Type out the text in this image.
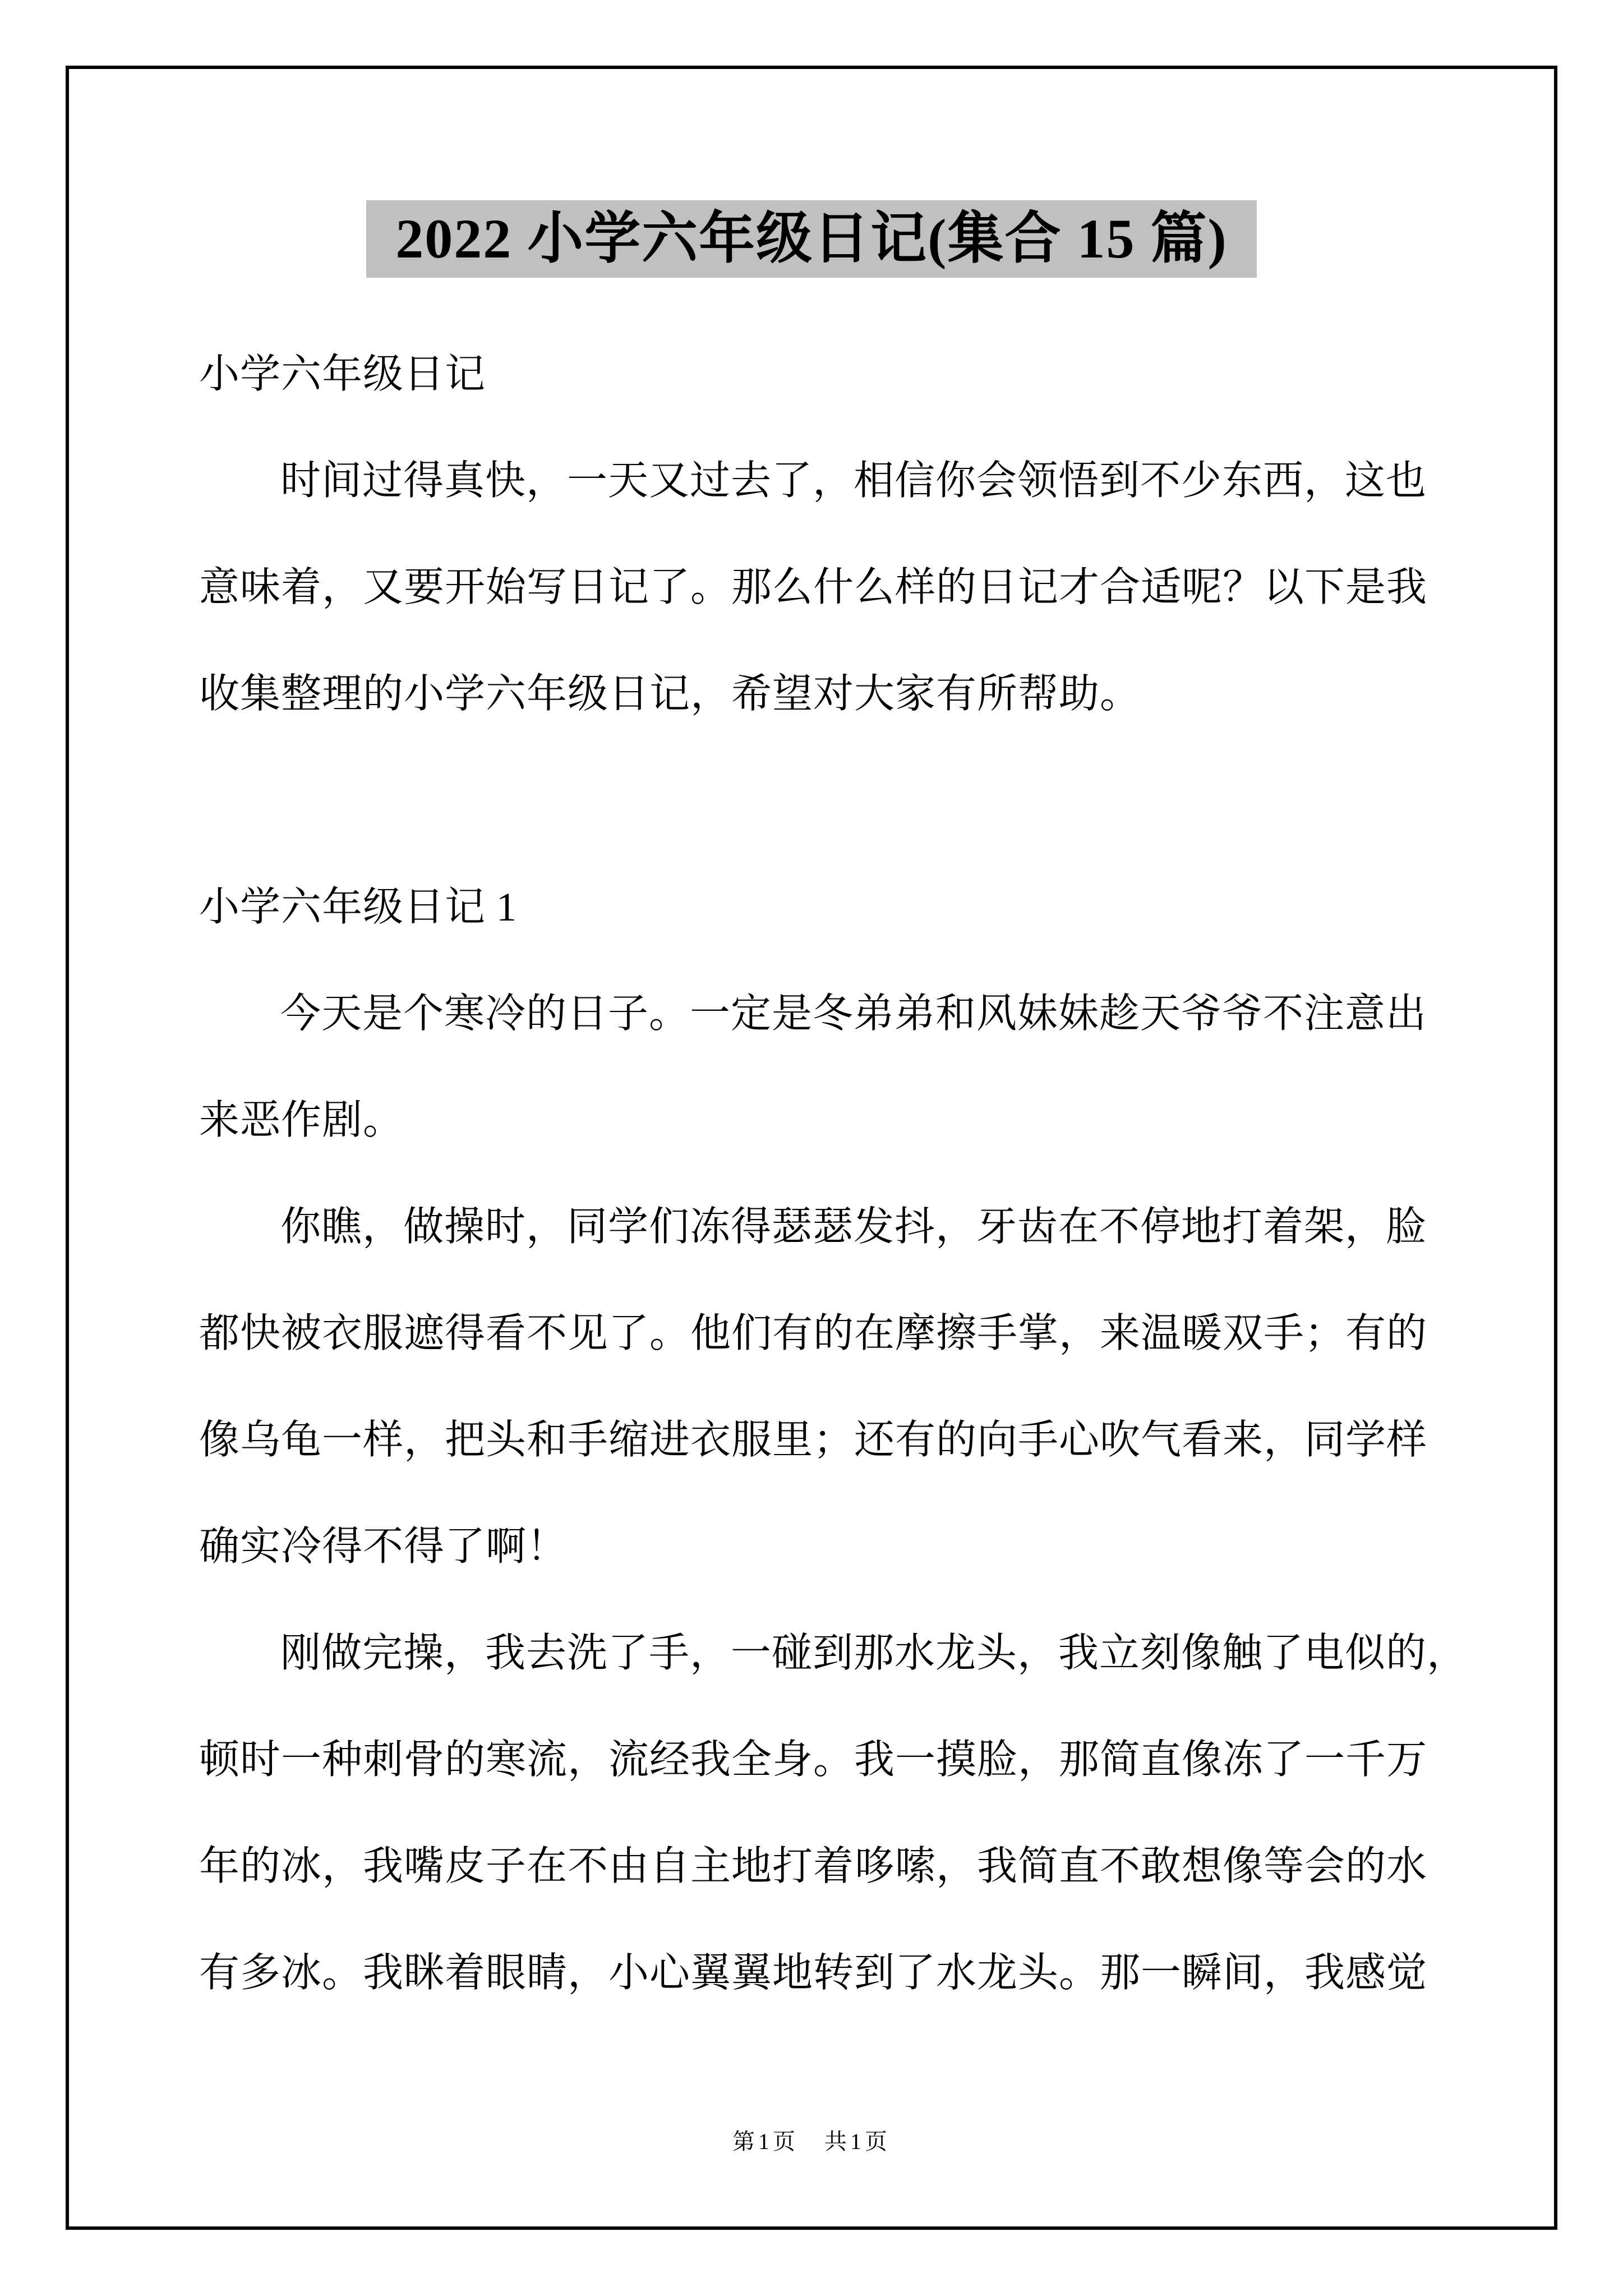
2022 小学六年级日记(集合 15 篇)
小学六年级日记
时间过得真快，一天又过去了，相信你会领悟到不少东西，这也
意味着，又要开始写日记了。那么什么样的日记才合适呢？以下是我
收集整理的小学六年级日记，希望对大家有所帮助。
小学六年级日记 1
今天是个寒冷的日子。一定是冬弟弟和风妹妹趁天爷爷不注意出
来恶作剧。
你瞧，做操时，同学们冻得瑟瑟发抖，牙齿在不停地打着架，脸
都快被衣服遮得看不见了。他们有的在摩擦手掌，来温暖双手；有的
像乌龟一样，把头和手缩进衣服里；还有的向手心吹气看来，同学样
确实冷得不得了啊！
刚做完操，我去洗了手，一碰到那水龙头，我立刻像触了电似的，
顿时一种刺骨的寒流，流经我全身。我一摸脸，那简直像冻了一千万
年的冰，我嘴皮子在不由自主地打着哆嗦，我简直不敢想像等会的水
有多冰。我眯着眼睛，小心翼翼地转到了水龙头。那一瞬间，我感觉
第1页　共1页
